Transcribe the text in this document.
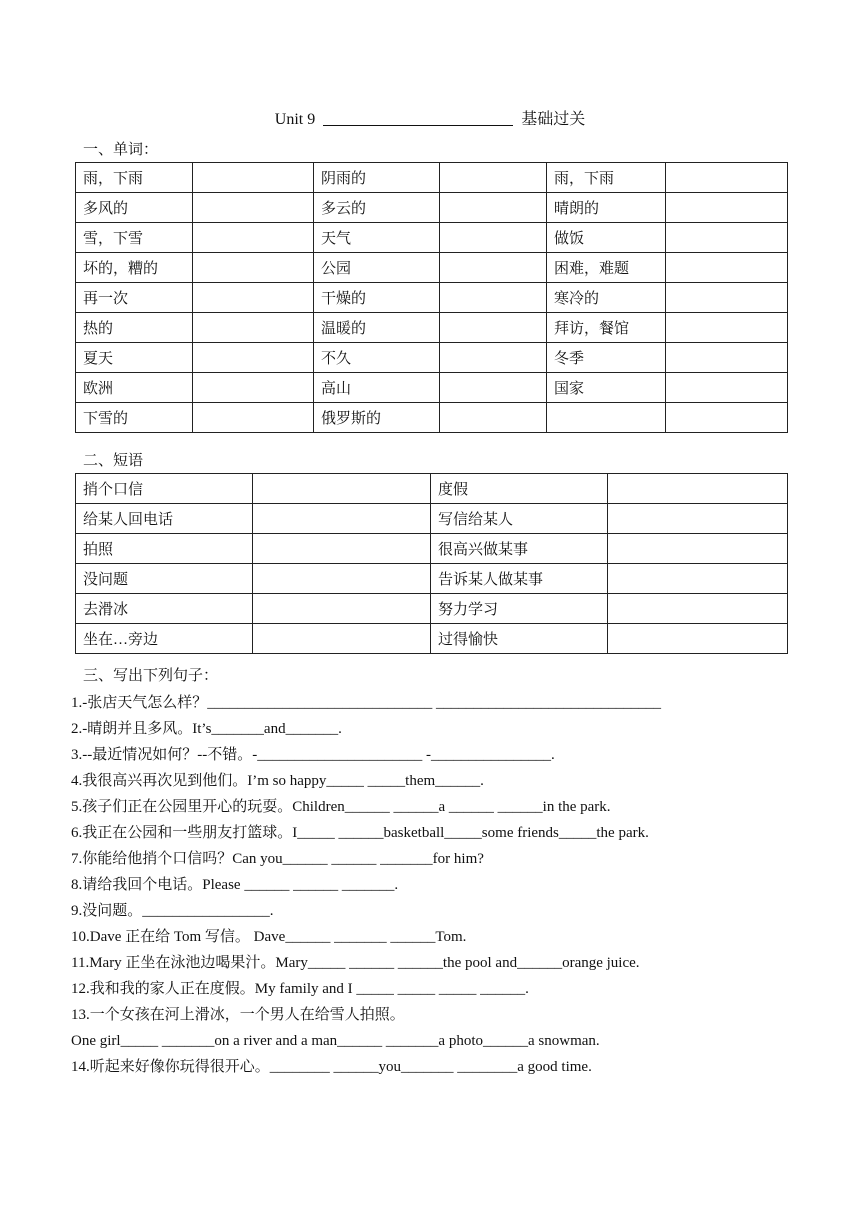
Unit 9	基础过关
一、单词：
雨，下雨		阴雨的		雨，下雨	
多风的		多云的		晴朗的	
雪，下雪		天气		做饭	
坏的，糟的		公园		困难，难题	
再一次		干燥的		寒冷的	
热的		温暖的		拜访，餐馆	
夏天		不久		冬季	
欧洲		高山		国家	
下雪的		俄罗斯的			
二、短语
捎个口信		度假	
给某人回电话		写信给某人	
拍照		很高兴做某事	
没问题		告诉某人做某事	
去滑冰		努力学习	
坐在…旁边		过得愉快	
三、写出下列句子：
1.-张店天气怎么样？______________________________ ______________________________
2.-晴朗并且多风。It’s_______and_______.
3.--最近情况如何？--不错。-______________________ -________________.
4.我很高兴再次见到他们。I’m so happy_____ _____them______.
5.孩子们正在公园里开心的玩耍。Children______ ______a ______ ______in the park.
6.我正在公园和一些朋友打篮球。I_____ ______basketball_____some friends_____the park.
7.你能给他捎个口信吗？Can you______ ______ _______for him?
8.请给我回个电话。Please ______ ______ _______.
9.没问题。_________________.
10.Dave 正在给 Tom 写信。 Dave______ _______ ______Tom.
11.Mary 正坐在泳池边喝果汁。Mary_____ ______ ______the pool and______orange juice.
12.我和我的家人正在度假。My family and I _____ _____ _____ ______.
13.一个女孩在河上滑冰，一个男人在给雪人拍照。
One girl_____ _______on a river and a man______ _______a photo______a snowman.
14.听起来好像你玩得很开心。________ ______you_______ ________a good time.
